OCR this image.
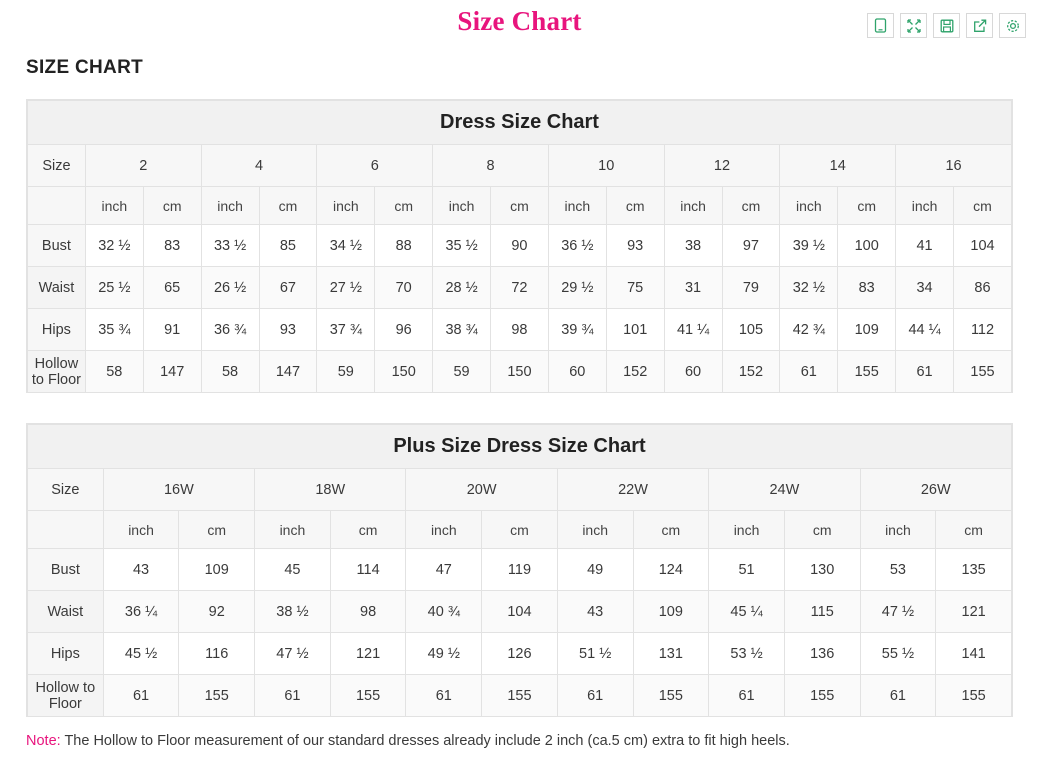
Size Chart
SIZE CHART
Dress Size Chart																
Size	2		4		6		8		10		12		14		16	
	inch	cm	inch	cm	inch	cm	inch	cm	inch	cm	inch	cm	inch	cm	inch	cm
Bust	32 ½	83	33 ½	85	34 ½	88	35 ½	90	36 ½	93	38	97	39 ½	100	41	104
Waist	25 ½	65	26 ½	67	27 ½	70	28 ½	72	29 ½	75	31	79	32 ½	83	34	86
Hips	35 ¾	91	36 ¾	93	37 ¾	96	38 ¾	98	39 ¾	101	41 ¼	105	42 ¾	109	44 ¼	112
Hollow to Floor	58	147	58	147	59	150	59	150	60	152	60	152	61	155	61	155
Plus Size Dress Size Chart												
Size	16W		18W		20W		22W		24W		26W	
	inch	cm	inch	cm	inch	cm	inch	cm	inch	cm	inch	cm
Bust	43	109	45	114	47	119	49	124	51	130	53	135
Waist	36 ¼	92	38 ½	98	40 ¾	104	43	109	45 ¼	115	47 ½	121
Hips	45 ½	116	47 ½	121	49 ½	126	51 ½	131	53 ½	136	55 ½	141
Hollow to Floor	61	155	61	155	61	155	61	155	61	155	61	155
Note: The Hollow to Floor measurement of our standard dresses already include 2 inch (ca.5 cm) extra to fit high heels.
